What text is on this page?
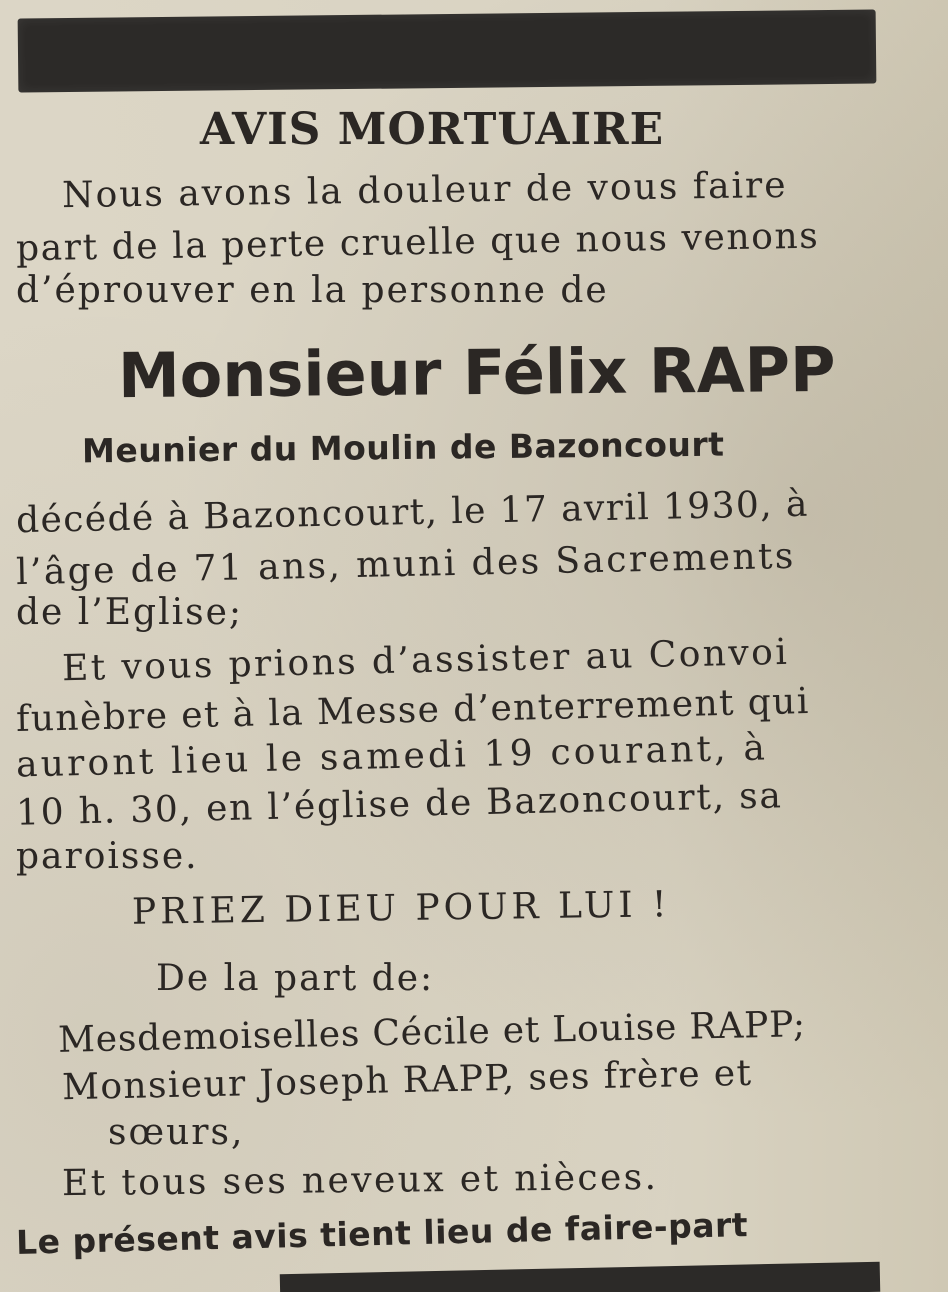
AVIS MORTUAIRE
Nous avons la douleur de vous faire
part de la perte cruelle que nous venons
d’éprouver en la personne de
Monsieur Félix RAPP
Meunier du Moulin de Bazoncourt
décédé à Bazoncourt, le 17 avril 1930, à
l’âge de 71 ans, muni des Sacrements
de l’Eglise;
Et vous prions d’assister au Convoi
funèbre et à la Messe d’enterrement qui
auront lieu le samedi 19 courant, à
10 h. 30, en l’église de Bazoncourt, sa
paroisse.
PRIEZ DIEU POUR LUI !
De la part de:
Mesdemoiselles Cécile et Louise RAPP;
Monsieur Joseph RAPP, ses frère et
sœurs,
Et tous ses neveux et nièces.
Le présent avis tient lieu de faire-part
